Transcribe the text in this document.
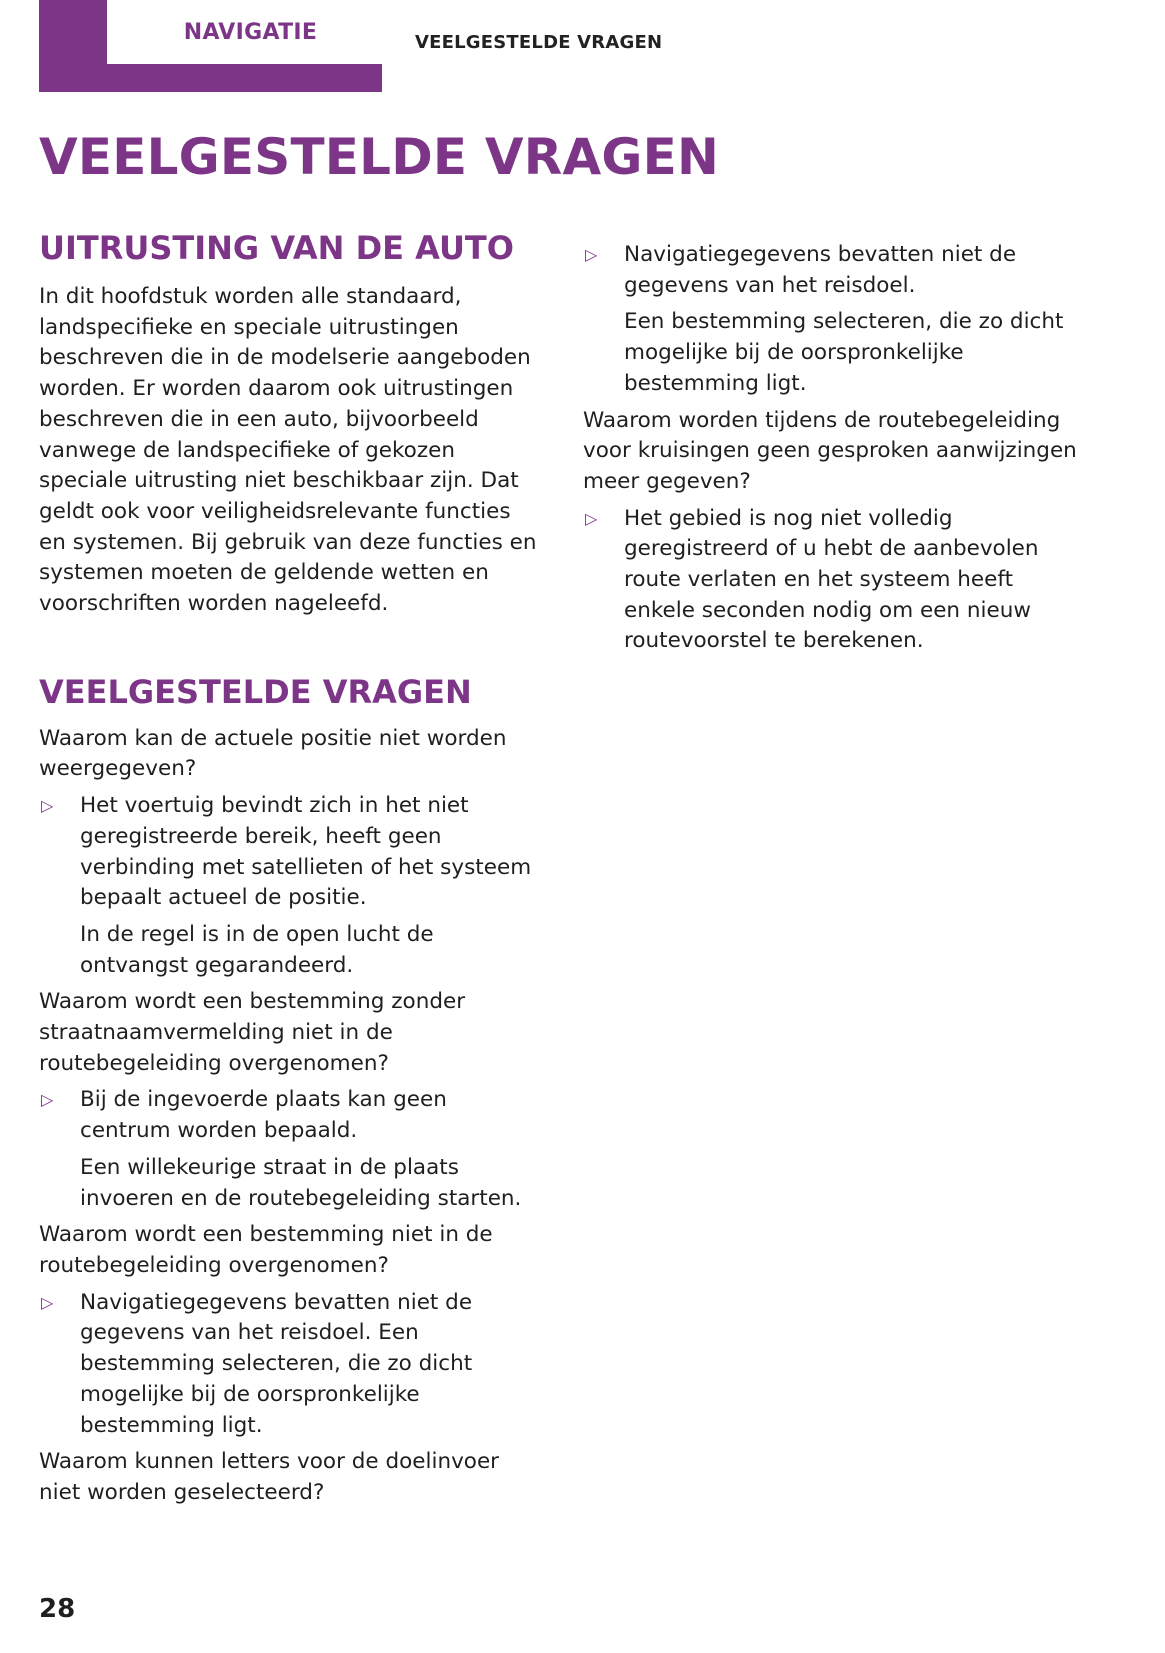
NAVIGATIE	VEELGESTELDE VRAGEN
VEELGESTELDE VRAGEN
UITRUSTING VAN DE AUTO

In dit hoofdstuk worden alle standaard, landspecifieke en speciale uitrustingen beschreven die in de modelserie aangeboden worden. Er worden daarom ook uitrustingen beschreven die in een auto, bijvoorbeeld vanwege de landspecifieke of gekozen speciale uitrusting niet beschikbaar zijn. Dat geldt ook voor veiligheidsrelevante functies en systemen. Bij gebruik van deze functies en systemen moeten de geldende wetten en voorschriften worden nageleefd.

VEELGESTELDE VRAGEN

Waarom kan de actuele positie niet worden weergegeven?

▷ Het voertuig bevindt zich in het niet geregistreerde bereik, heeft geen verbinding met satellieten of het systeem bepaalt actueel de positie.

In de regel is in de open lucht de ontvangst gegarandeerd.

Waarom wordt een bestemming zonder straatnaamvermelding niet in de routebegeleiding overgenomen?

▷ Bij de ingevoerde plaats kan geen centrum worden bepaald.

Een willekeurige straat in de plaats invoeren en de routebegeleiding starten.

Waarom wordt een bestemming niet in de routebegeleiding overgenomen?

▷ Navigatiegegevens bevatten niet de gegevens van het reisdoel. Een bestemming selecteren, die zo dicht mogelijke bij de oorspronkelijke bestemming ligt.

Waarom kunnen letters voor de doelinvoer niet worden geselecteerd?

▷ Navigatiegegevens bevatten niet de gegevens van het reisdoel.

Een bestemming selecteren, die zo dicht mogelijke bij de oorspronkelijke bestemming ligt.

Waarom worden tijdens de routebegeleiding voor kruisingen geen gesproken aanwijzingen meer gegeven?

▷ Het gebied is nog niet volledig geregistreerd of u hebt de aanbevolen route verlaten en het systeem heeft enkele seconden nodig om een nieuw routevoorstel te berekenen.

28
